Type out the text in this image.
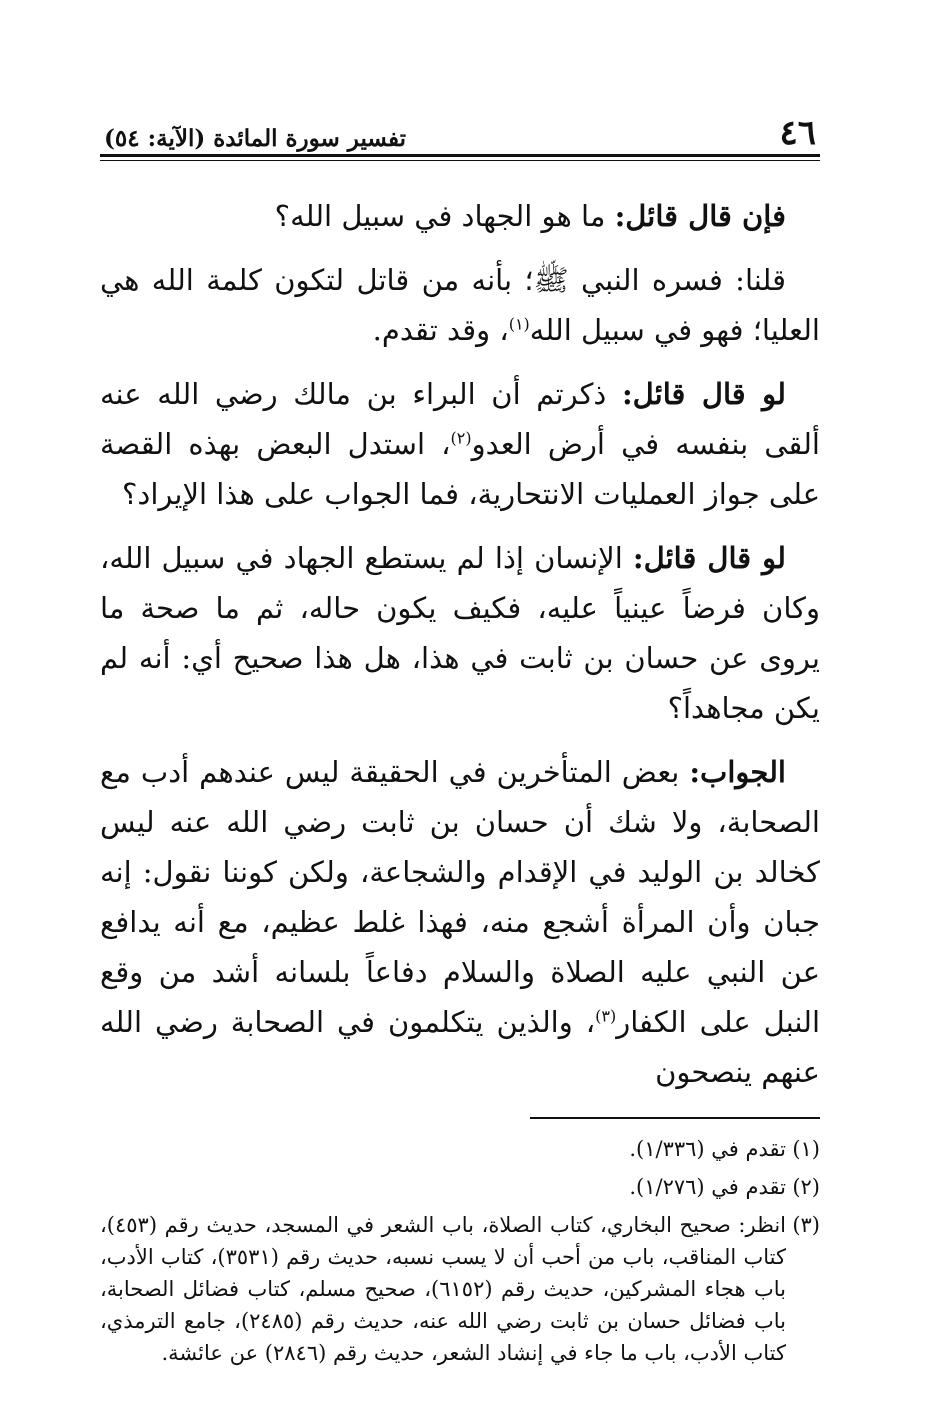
٤٦
تفسير سورة المائدة (الآية: ٥٤)

فإن قال قائل: ما هو الجهاد في سبيل الله؟

قلنا: فسره النبي ﷺ؛ بأنه من قاتل لتكون كلمة الله هي العليا؛ فهو في سبيل الله$^{(١)}$، وقد تقدم.

لو قال قائل: ذكرتم أن البراء بن مالك رضي الله عنه ألقى بنفسه في أرض العدو$^{(٢)}$، استدل البعض بهذه القصة على جواز العمليات الانتحارية، فما الجواب على هذا الإيراد؟

لو قال قائل: الإنسان إذا لم يستطع الجهاد في سبيل الله، وكان فرضاً عينياً عليه، فكيف يكون حاله، ثم ما صحة ما يروى عن حسان بن ثابت في هذا، هل هذا صحيح أي: أنه لم يكن مجاهداً؟

الجواب: بعض المتأخرين في الحقيقة ليس عندهم أدب مع الصحابة، ولا شك أن حسان بن ثابت رضي الله عنه ليس كخالد بن الوليد في الإقدام والشجاعة، ولكن كوننا نقول: إنه جبان وأن المرأة أشجع منه، فهذا غلط عظيم، مع أنه يدافع عن النبي عليه الصلاة والسلام دفاعاً بلسانه أشد من وقع النبل على الكفار$^{(٣)}$، والذين يتكلمون في الصحابة رضي الله عنهم ينصحون

(١)
تقدم في (١/٣٣٦).
(٢)
تقدم في (١/٢٧٦).
(٣)
انظر: صحيح البخاري، كتاب الصلاة، باب الشعر في المسجد، حديث رقم (٤٥٣)، كتاب المناقب، باب من أحب أن لا يسب نسبه، حديث رقم (٣٥٣١)، كتاب الأدب، باب هجاء المشركين، حديث رقم (٦١٥٢)، صحيح مسلم، كتاب فضائل الصحابة، باب فضائل حسان بن ثابت رضي الله عنه، حديث رقم (٢٤٨٥)، جامع الترمذي، كتاب الأدب، باب ما جاء في إنشاد الشعر، حديث رقم (٢٨٤٦) عن عائشة.
